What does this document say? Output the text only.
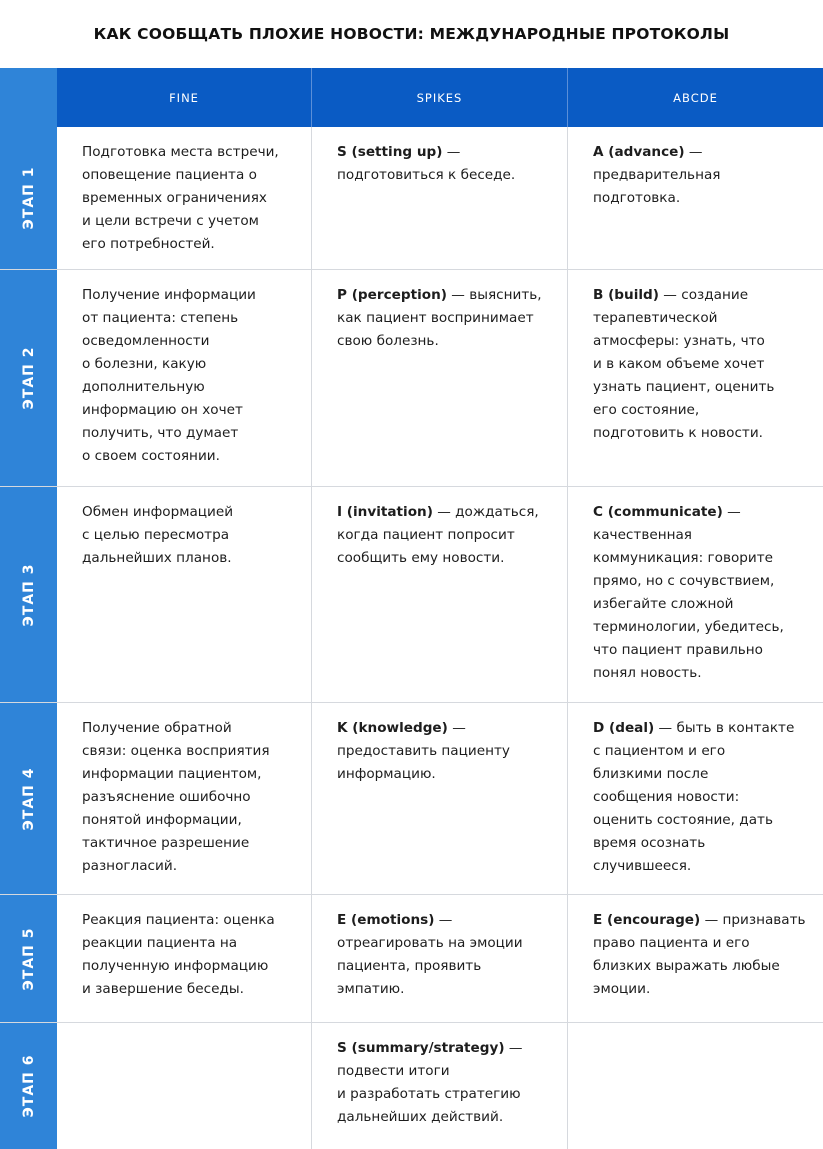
КАК СООБЩАТЬ ПЛОХИЕ НОВОСТИ: МЕЖДУНАРОДНЫЕ ПРОТОКОЛЫ
FINE	SPIKES	ABCDE
ЭТАП 1
Подготовка места встречи,
оповещение пациента о
временных ограничениях
и цели встречи с учетом
его потребностей.
S (setting up) —
подготовиться к беседе.
A (advance) —
предварительная
подготовка.
ЭТАП 2
Получение информации
от пациента: степень
осведомленности
о болезни, какую
дополнительную
информацию он хочет
получить, что думает
о своем состоянии.
P (perception) — выяснить,
как пациент воспринимает
свою болезнь.
B (build) — создание
терапевтической
атмосферы: узнать, что
и в каком объеме хочет
узнать пациент, оценить
его состояние,
подготовить к новости.
ЭТАП 3
Обмен информацией
с целью пересмотра
дальнейших планов.
I (invitation) — дождаться,
когда пациент попросит
сообщить ему новости.
C (communicate) —
качественная
коммуникация: говорите
прямо, но с сочувствием,
избегайте сложной
терминологии, убедитесь,
что пациент правильно
понял новость.
ЭТАП 4
Получение обратной
связи: оценка восприятия
информации пациентом,
разъяснение ошибочно
понятой информации,
тактичное разрешение
разногласий.
K (knowledge) —
предоставить пациенту
информацию.
D (deal) — быть в контакте
с пациентом и его
близкими после
сообщения новости:
оценить состояние, дать
время осознать
случившееся.
ЭТАП 5
Реакция пациента: оценка
реакции пациента на
полученную информацию
и завершение беседы.
E (emotions) —
отреагировать на эмоции
пациента, проявить
эмпатию.
E (encourage) — признавать
право пациента и его
близких выражать любые
эмоции.
ЭТАП 6
S (summary/strategy) —
подвести итоги
и разработать стратегию
дальнейших действий.
